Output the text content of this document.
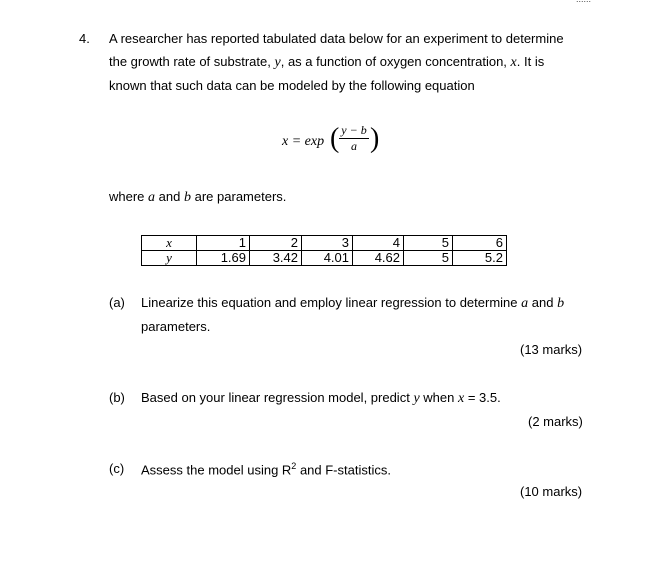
4. A researcher has reported tabulated data below for an experiment to determine
the growth rate of substrate, y, as a function of oxygen concentration, x. It is
known that such data can be modeled by the following equation
x = exp ( y − b
a )
where a and b are parameters.
x	1	2	3	4	5	6
y	1.69	3.42	4.01	4.62	5	5.2
(a) Linearize this equation and employ linear regression to determine a and b
parameters.
(13 marks)
(b) Based on your linear regression model, predict y when x = 3.5.
(2 marks)
(c) Assess the model using $R^2$ and F-statistics.
(10 marks)
